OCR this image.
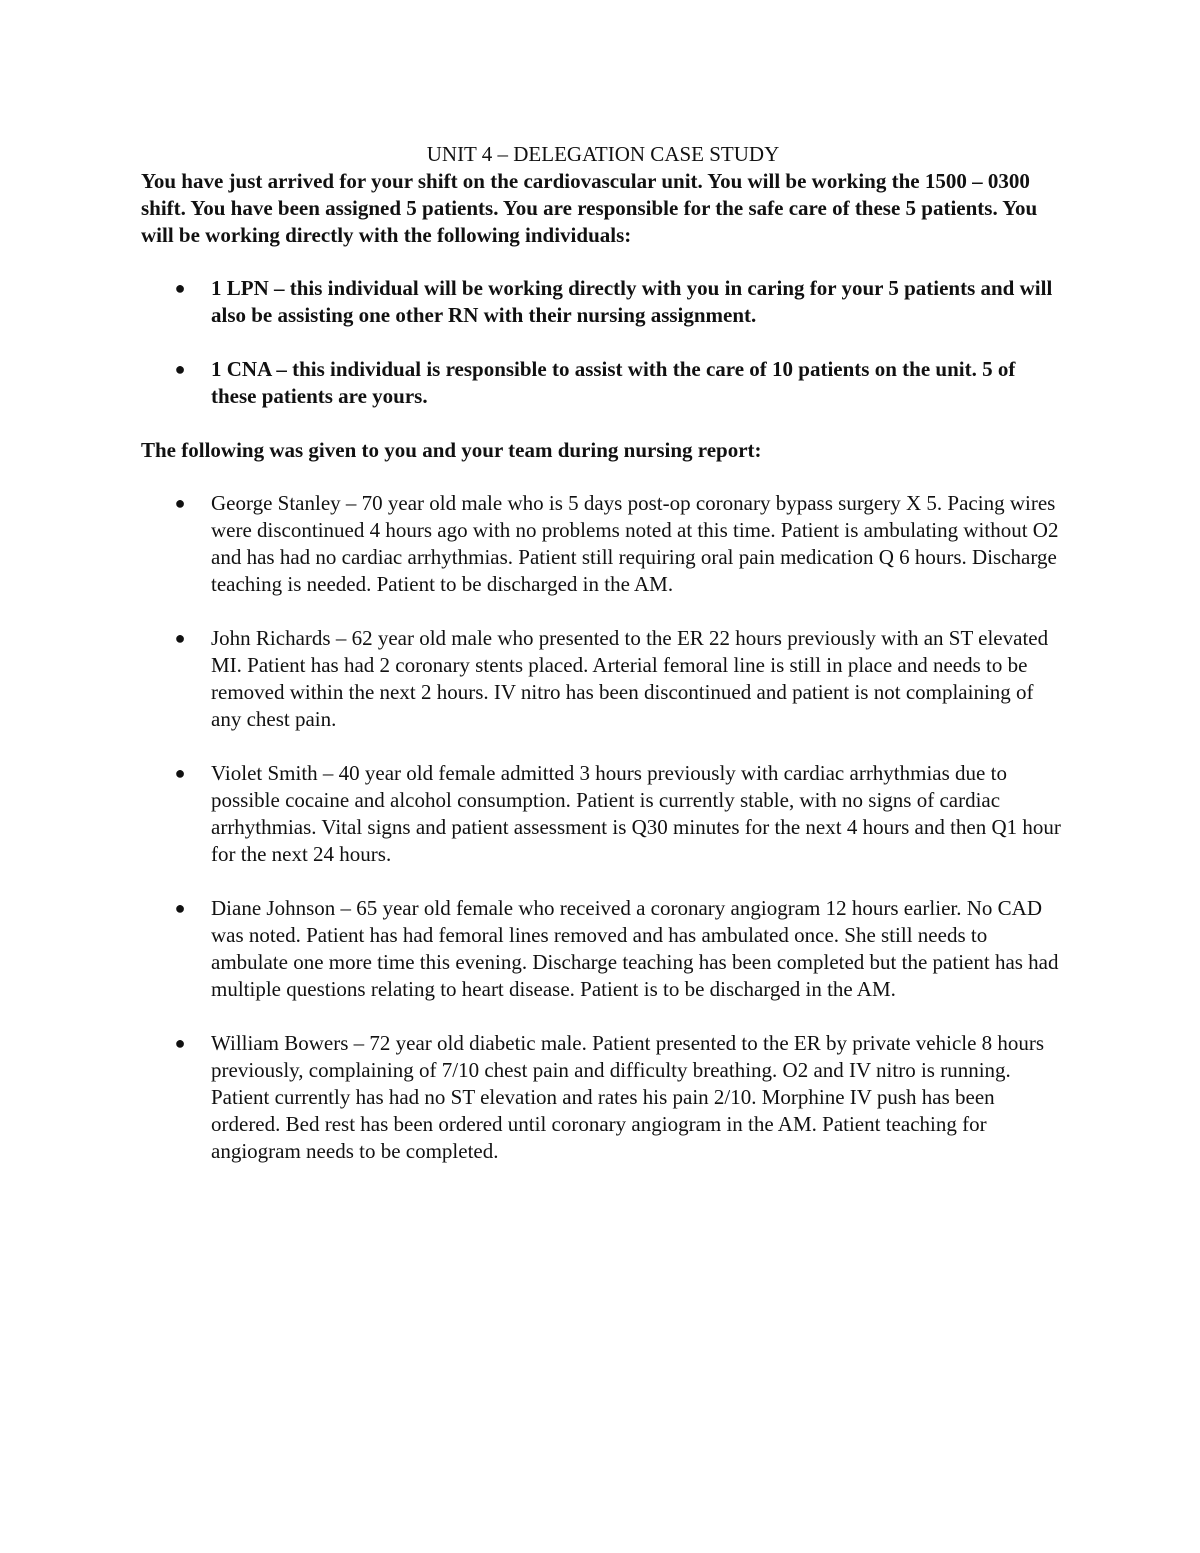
UNIT 4 – DELEGATION CASE STUDY

You have just arrived for your shift on the cardiovascular unit. You will be working the 1500 – 0300 shift. You have been assigned 5 patients. You are responsible for the safe care of these 5 patients. You will be working directly with the following individuals:

● 1 LPN – this individual will be working directly with you in caring for your 5 patients and will also be assisting one other RN with their nursing assignment.
● 1 CNA – this individual is responsible to assist with the care of 10 patients on the unit. 5 of these patients are yours.

The following was given to you and your team during nursing report:

● George Stanley – 70 year old male who is 5 days post-op coronary bypass surgery X 5. Pacing wires were discontinued 4 hours ago with no problems noted at this time. Patient is ambulating without O2 and has had no cardiac arrhythmias. Patient still requiring oral pain medication Q 6 hours. Discharge teaching is needed. Patient to be discharged in the AM.
● John Richards – 62 year old male who presented to the ER 22 hours previously with an ST elevated MI. Patient has had 2 coronary stents placed. Arterial femoral line is still in place and needs to be removed within the next 2 hours. IV nitro has been discontinued and patient is not complaining of any chest pain.
● Violet Smith – 40 year old female admitted 3 hours previously with cardiac arrhythmias due to possible cocaine and alcohol consumption. Patient is currently stable, with no signs of cardiac arrhythmias. Vital signs and patient assessment is Q30 minutes for the next 4 hours and then Q1 hour for the next 24 hours.
● Diane Johnson – 65 year old female who received a coronary angiogram 12 hours earlier. No CAD was noted. Patient has had femoral lines removed and has ambulated once. She still needs to ambulate one more time this evening. Discharge teaching has been completed but the patient has had multiple questions relating to heart disease. Patient is to be discharged in the AM.
● William Bowers – 72 year old diabetic male. Patient presented to the ER by private vehicle 8 hours previously, complaining of 7/10 chest pain and difficulty breathing. O2 and IV nitro is running. Patient currently has had no ST elevation and rates his pain 2/10. Morphine IV push has been ordered. Bed rest has been ordered until coronary angiogram in the AM. Patient teaching for angiogram needs to be completed.
